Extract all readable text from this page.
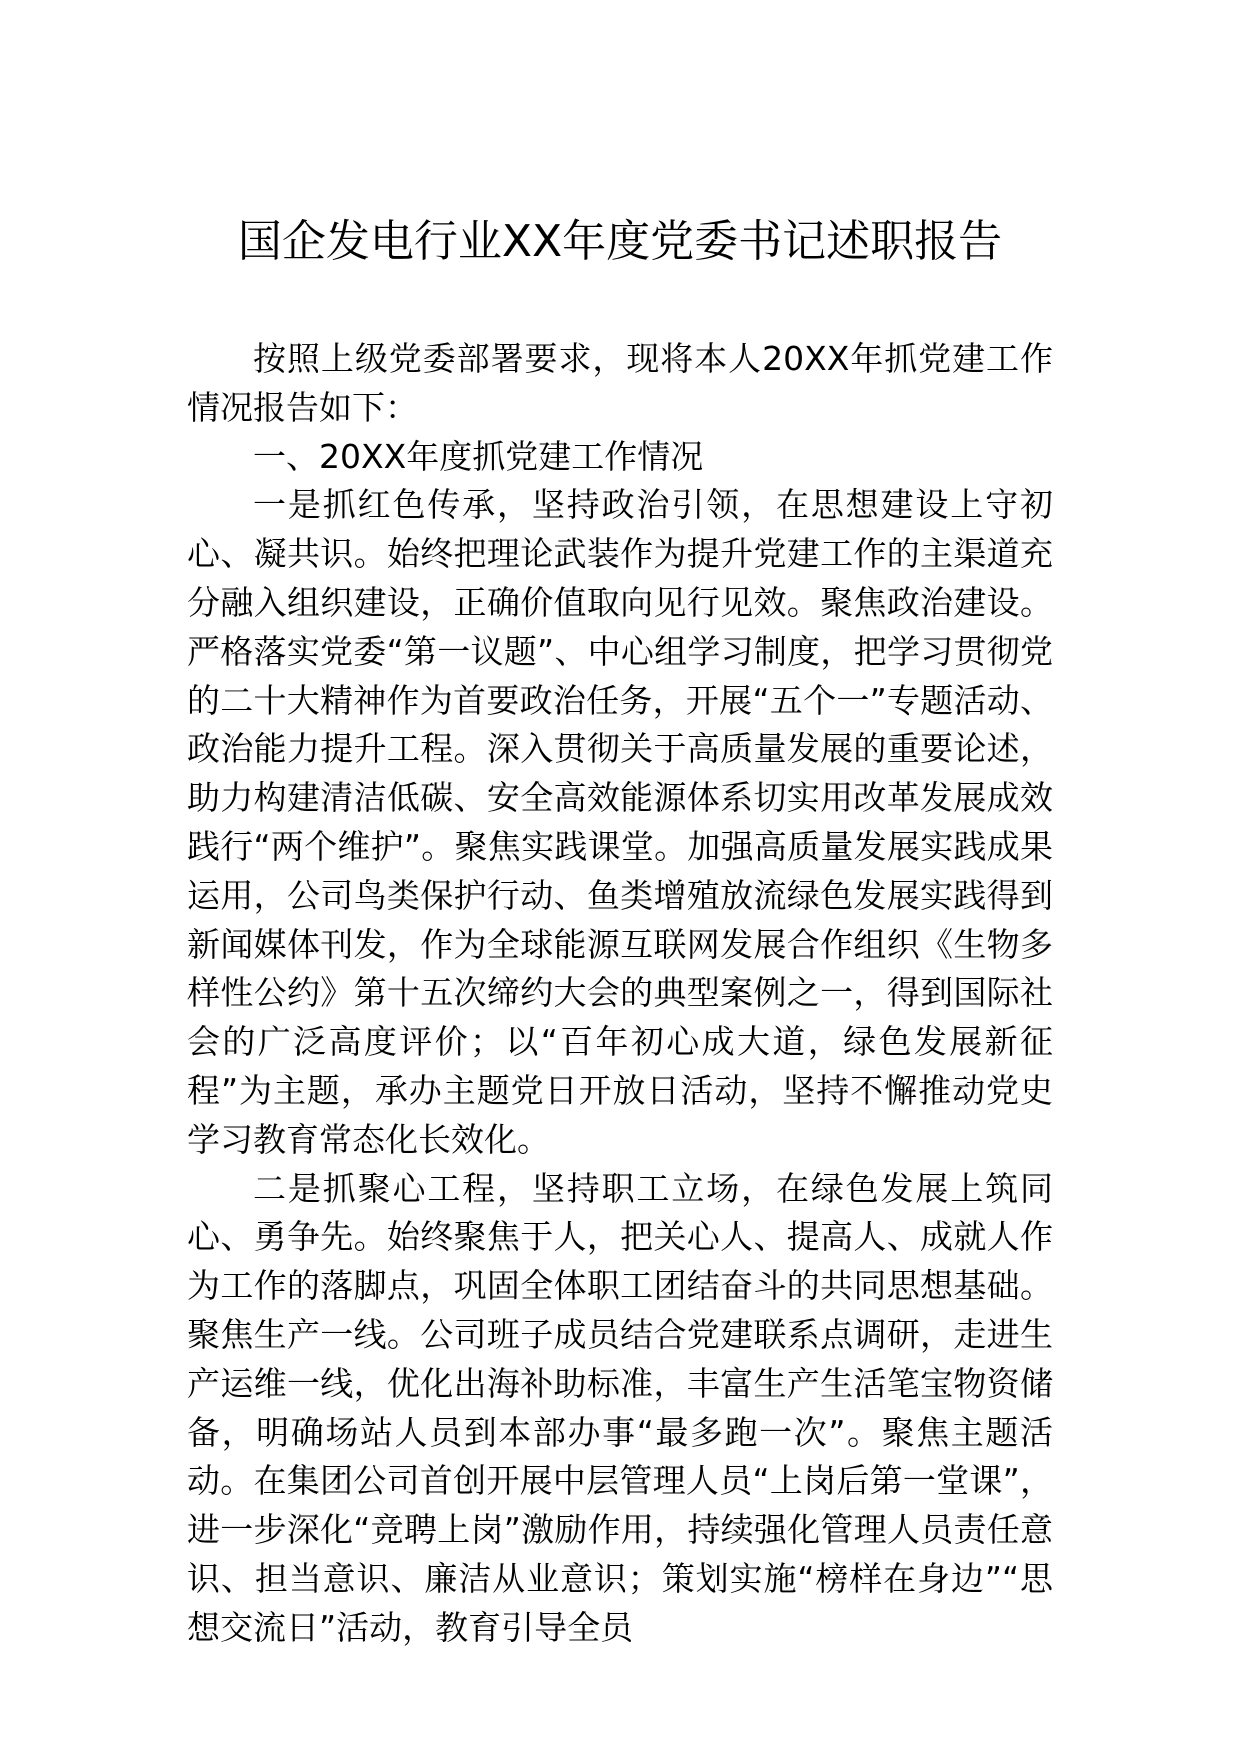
国企发电行业XX年度党委书记述职报告

按照上级党委部署要求，现将本人20XX年抓党建工作情况报告如下：

一、20XX年度抓党建工作情况

一是抓红色传承，坚持政治引领，在思想建设上守初心、凝共识。始终把理论武装作为提升党建工作的主渠道充分融入组织建设，正确价值取向见行见效。聚焦政治建设。严格落实党委“第一议题”、中心组学习制度，把学习贯彻党的二十大精神作为首要政治任务，开展“五个一”专题活动、政治能力提升工程。深入贯彻关于高质量发展的重要论述，助力构建清洁低碳、安全高效能源体系切实用改革发展成效践行“两个维护”。聚焦实践课堂。加强高质量发展实践成果运用，公司鸟类保护行动、鱼类增殖放流绿色发展实践得到新闻媒体刊发，作为全球能源互联网发展合作组织《生物多样性公约》第十五次缔约大会的典型案例之一，得到国际社会的广泛高度评价；以“百年初心成大道，绿色发展新征程”为主题，承办主题党日开放日活动，坚持不懈推动党史学习教育常态化长效化。

二是抓聚心工程，坚持职工立场，在绿色发展上筑同心、勇争先。始终聚焦于人，把关心人、提高人、成就人作为工作的落脚点，巩固全体职工团结奋斗的共同思想基础。聚焦生产一线。公司班子成员结合党建联系点调研，走进生产运维一线，优化出海补助标准，丰富生产生活笔宝物资储备，明确场站人员到本部办事“最多跑一次”。聚焦主题活动。在集团公司首创开展中层管理人员“上岗后第一堂课”，进一步深化“竞聘上岗”激励作用，持续强化管理人员责任意识、担当意识、廉洁从业意识；策划实施“榜样在身边”“思想交流日”活动，教育引导全员
